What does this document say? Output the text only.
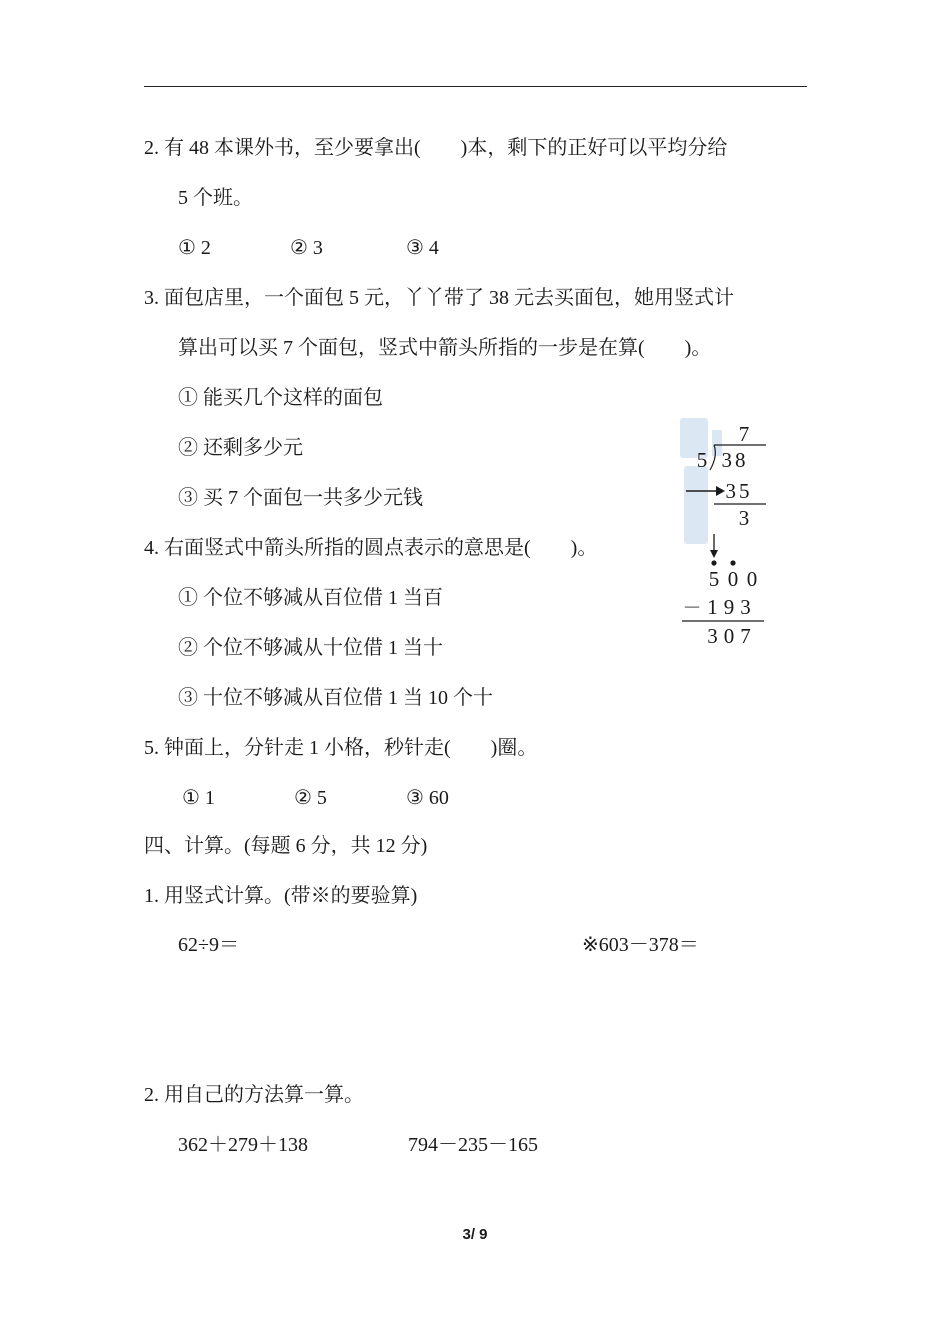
2. 有 48 本课外书，至少要拿出(　　)本，剩下的正好可以平均分给
5 个班。
① 2	② 3	③ 4
3. 面包店里，一个面包 5 元，丫丫带了 38 元去买面包，她用竖式计
算出可以买 7 个面包，竖式中箭头所指的一步是在算(　　)。
① 能买几个这样的面包
② 还剩多少元
③ 买 7 个面包一共多少元钱
4. 右面竖式中箭头所指的圆点表示的意思是(　　)。
① 个位不够减从百位借 1 当百
② 个位不够减从十位借 1 当十
③ 十位不够减从百位借 1 当 10 个十
5. 钟面上，分针走 1 小格，秒针走(　　)圈。
① 1	② 5	③ 60
四、计算。(每题 6 分，共 12 分)
1. 用竖式计算。(带※的要验算)
62÷9＝	※603－378＝
2. 用自己的方法算一算。
362＋279＋138	794－235－165
7
5 38
35
3
5 0 0
－ 193
307
3/ 9
